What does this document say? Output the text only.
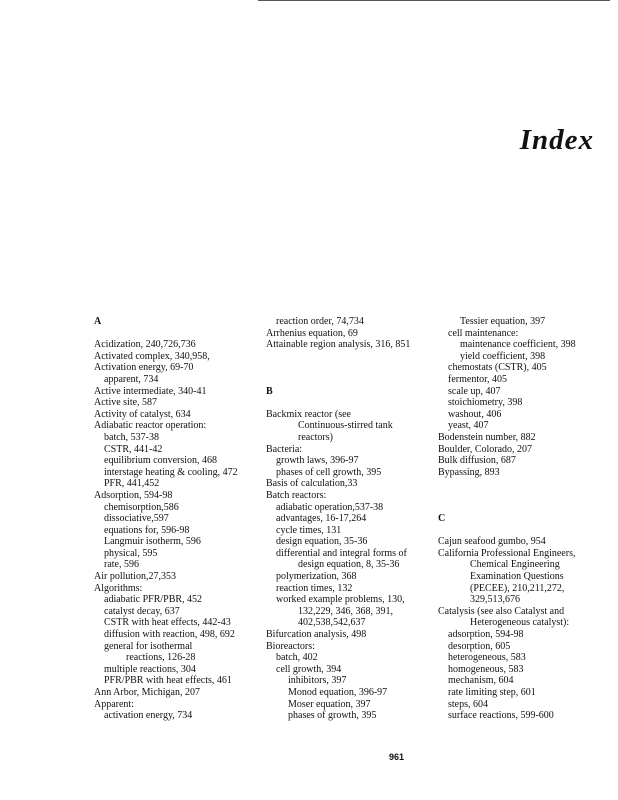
Index
A
Acidization, 240,726,736
Activated complex, 340,958,
Activation energy, 69-70
apparent, 734
Active intermediate, 340-41
Active site, 587
Activity of catalyst, 634
Adiabatic reactor operation:
batch, 537-38
CSTR, 441-42
equilibrium conversion, 468
interstage heating & cooling, 472
PFR, 441,452
Adsorption, 594-98
chemisorption,586
dissociative,597
equations for, 596-98
Langmuir isotherm, 596
physical, 595
rate, 596
Air pollution,27,353
Algorithms:
adiabatic PFR/PBR, 452
catalyst decay, 637
CSTR with heat effects, 442-43
diffusion with reaction, 498, 692
general for isothermal
reactions, 126-28
multiple reactions, 304
PFR/PBR with heat effects, 461
Ann Arbor, Michigan, 207
Apparent:
activation energy, 734
reaction order, 74,734
Arrhenius equation, 69
Attainable region analysis, 316, 851
B
Backmix reactor (see
Continuous-stirred tank
reactors)
Bacteria:
growth laws, 396-97
phases of cell growth, 395
Basis of calculation,33
Batch reactors:
adiabatic operation,537-38
advantages, 16-17,264
cycle times, 131
design equation, 35-36
differential and integral forms of
design equation, 8, 35-36
polymerization, 368
reaction times, 132
worked example problems, 130,
132,229, 346, 368, 391,
402,538,542,637
Bifurcation analysis, 498
Bioreactors:
batch, 402
cell growth, 394
inhibitors, 397
Monod equation, 396-97
Moser equation, 397
phases of growth, 395
Tessier equation, 397
cell maintenance:
maintenance coefficient, 398
yield coefficient, 398
chemostats (CSTR), 405
fermentor, 405
scale up, 407
stoichiometry, 398
washout, 406
yeast, 407
Bodenstein number, 882
Boulder, Colorado, 207
Bulk diffusion, 687
Bypassing, 893
C
Cajun seafood gumbo, 954
California Professional Engineers,
Chemical Engineering
Examination Questions
(PECEE), 210,211,272,
329,513,676
Catalysis (see also Catalyst and
Heterogeneous catalyst):
adsorption, 594-98
desorption, 605
heterogeneous, 583
homogeneous, 583
mechanism, 604
rate limiting step, 601
steps, 604
surface reactions, 599-600

961
